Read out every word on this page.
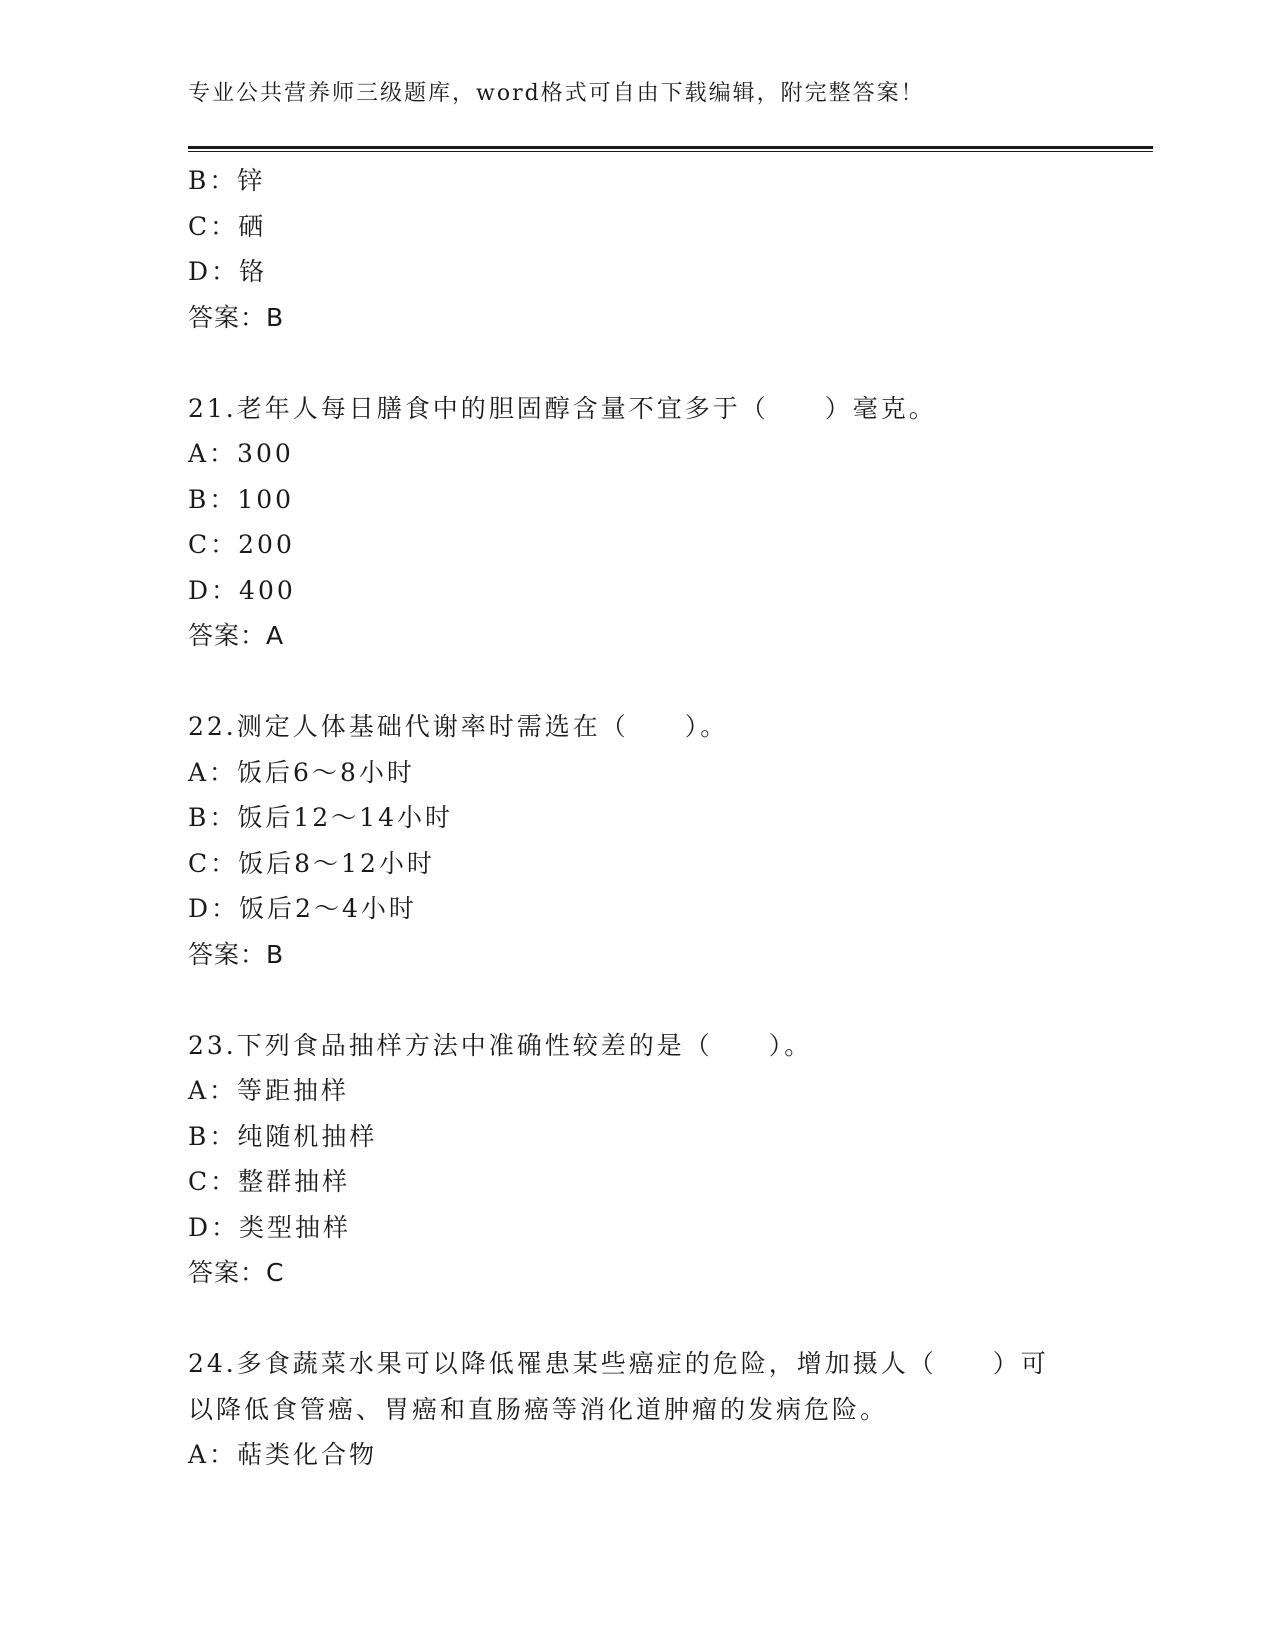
专业公共营养师三级题库，word格式可自由下载编辑，附完整答案！
B：锌
C：硒
D：铬
答案：B
21.老年人每日膳食中的胆固醇含量不宜多于（　　）毫克。
A：300
B：100
C：200
D：400
答案：A
22.测定人体基础代谢率时需选在（　　）。
A：饭后6～8小时
B：饭后12～14小时
C：饭后8～12小时
D：饭后2～4小时
答案：B
23.下列食品抽样方法中准确性较差的是（　　）。
A：等距抽样
B：纯随机抽样
C：整群抽样
D：类型抽样
答案：C
24.多食蔬菜水果可以降低罹患某些癌症的危险，增加摄人（　　）可
以降低食管癌、胃癌和直肠癌等消化道肿瘤的发病危险。
A：萜类化合物
